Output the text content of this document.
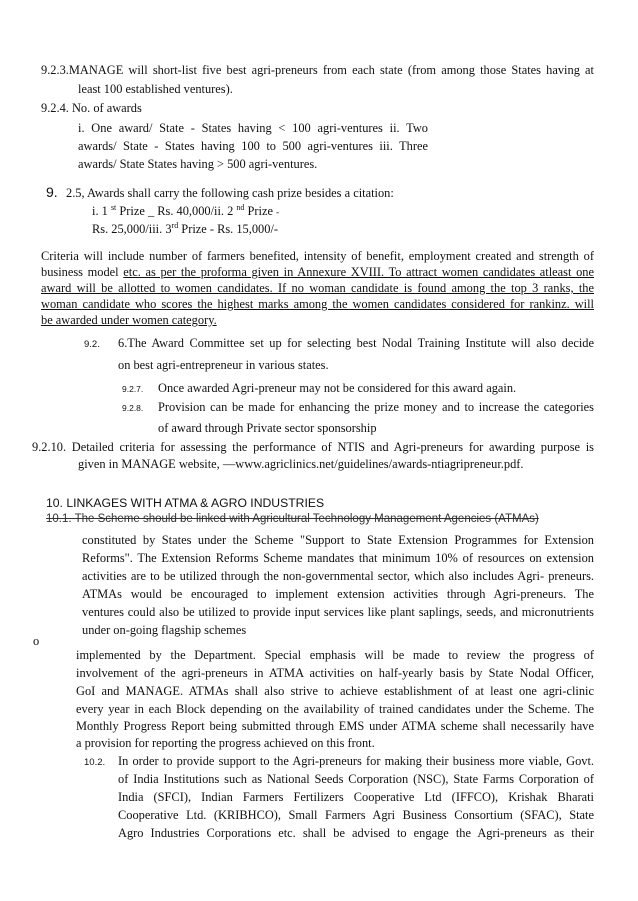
9.2.3.MANAGE will short-list five best agri-preneurs from each state (from among those States having at
least 100 established ventures).
9.2.4. No. of awards
i. One award/ State - States having < 100 agri-ventures ii. Two
awards/ State - States having 100 to 500 agri-ventures iii. Three
awards/ State States having > 500 agri-ventures.
9. 2.5, Awards shall carry the following cash prize besides a citation:
i. 1 $^{st}$ Prize _ Rs. 40,000/ii. 2 $^{nd}$ Prize -
Rs. 25,000/iii. 3rd Prize - Rs. 15,000/-
Criteria will include number of farmers benefited, intensity of benefit, employment created and strength of
business model etc. as per the proforma given in Annexure XVIII. To attract women candidates atleast one
award will be allotted to women candidates. If no woman candidate is found among the top 3 ranks, the
woman candidate who scores the highest marks among the women candidates considered for rankinz. will
be awarded under women category.
9.2. 6.The Award Committee set up for selecting best Nodal Training Institute will also decide
on best agri-entrepreneur in various states.
9.2.7. Once awarded Agri-preneur may not be considered for this award again.
9.2.8. Provision can be made for enhancing the prize money and to increase the categories
of award through Private sector sponsorship
9.2.10. Detailed criteria for assessing the performance of NTIS and Agri-preneurs for awarding purpose is
given in MANAGE website, —www.agriclinics.net/guidelines/awards-ntiagripreneur.pdf.
10. LINKAGES WITH ATMA & AGRO INDUSTRIES
10.1. The Scheme should be linked with Agricultural Technology Management Agencies (ATMAs)
constituted by States under the Scheme "Support to State Extension Programmes for Extension
Reforms". The Extension Reforms Scheme mandates that minimum 10% of resources on extension
activities are to be utilized through the non-governmental sector, which also includes Agri- preneurs.
ATMAs would be encouraged to implement extension activities through Agri-preneurs. The
ventures could also be utilized to provide input services like plant saplings, seeds, and micronutrients
under on-going flagship schemes
o
implemented by the Department. Special emphasis will be made to review the progress of
involvement of the agri-preneurs in ATMA activities on half-yearly basis by State Nodal Officer,
GoI and MANAGE. ATMAs shall also strive to achieve establishment of at least one agri-clinic
every year in each Block depending on the availability of trained candidates under the Scheme. The
Monthly Progress Report being submitted through EMS under ATMA scheme shall necessarily have
a provision for reporting the progress achieved on this front.
10.2. In order to provide support to the Agri-preneurs for making their business more viable, Govt.
of India Institutions such as National Seeds Corporation (NSC), State Farms Corporation of
India (SFCI), Indian Farmers Fertilizers Cooperative Ltd (IFFCO), Krishak Bharati
Cooperative Ltd. (KRIBHCO), Small Farmers Agri Business Consortium (SFAC), State
Agro Industries Corporations etc. shall be advised to engage the Agri-preneurs as their
